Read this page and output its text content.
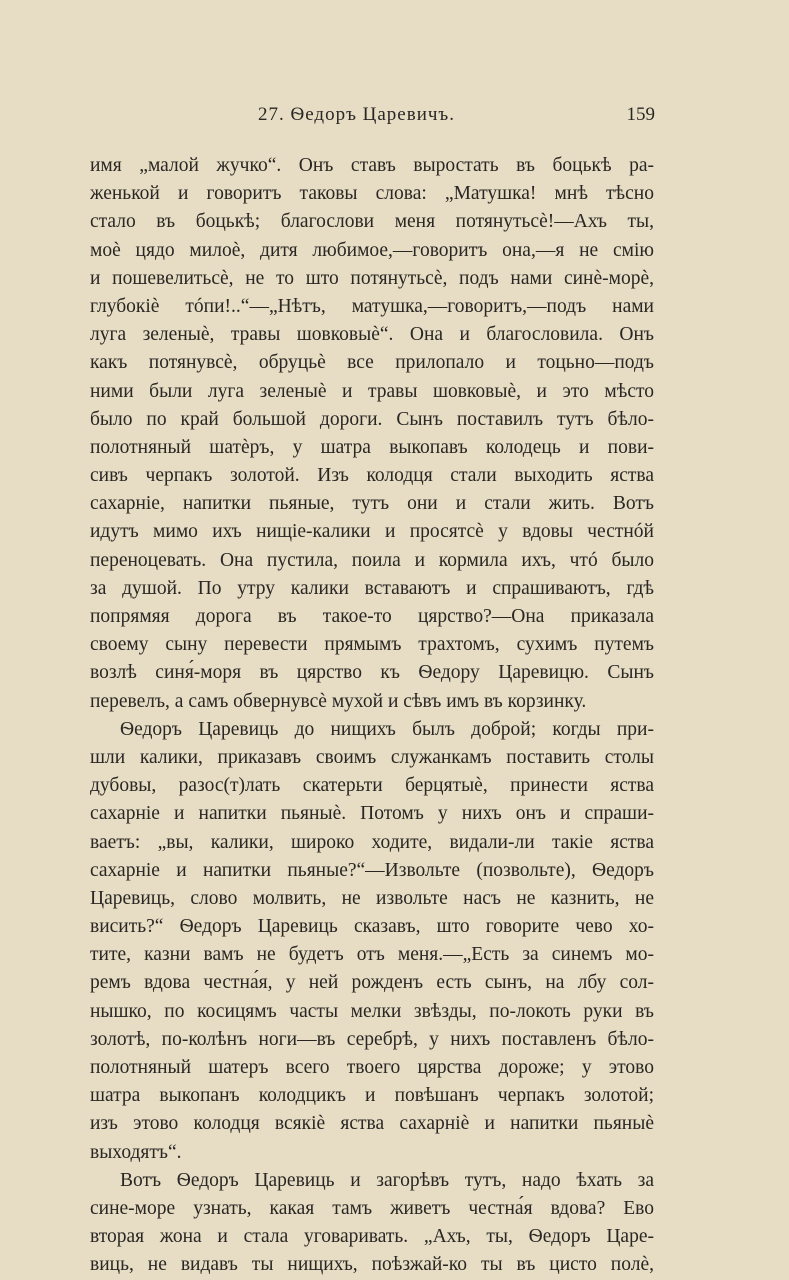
27. Ѳедоръ Царевичъ.	159
имя „малой жучко“. Онъ ставъ выростать въ боцькѣ ра-
женькой и говоритъ таковы слова: „Матушка! мнѣ тѣсно
стало въ боцькѣ; благослови меня потянутьсѐ!—Ахъ ты,
моѐ цядо милоѐ, дитя любимое,—говоритъ она,—я не смію
и пошевелитьсѐ, не то што потянутьсѐ, подъ нами синѐ-морѐ,
глубокіѐ тóпи!..“—„Нѣтъ, матушка,—говоритъ,—подъ нами
луга зеленыѐ, травы шовковыѐ“. Она и благословила. Онъ
какъ потянувсѐ, обруцьѐ все прилопало и тоцьно—подъ
ними были луга зеленыѐ и травы шовковыѐ, и это мѣсто
было по край большой дороги. Сынъ поставилъ тутъ бѣло-
полотняный шатѐръ, у шатра выкопавъ колодець и пови-
сивъ черпакъ золотой. Изъ колодця стали выходить яства
сахарніе, напитки пьяные, тутъ они и стали жить. Вотъ
идутъ мимо ихъ нищіе-калики и просятсѐ у вдовы честнóй
переноцевать. Она пустила, поила и кормила ихъ, чтó было
за душой. По утру калики вставаютъ и спрашиваютъ, гдѣ
попрямяя дорога въ такое-то цярство?—Она приказала
своему сыну перевести прямымъ трахтомъ, сухимъ путемъ
возлѣ синя́-моря въ цярство къ Ѳедору Царевицю. Сынъ
перевелъ, а самъ обвернувсѐ мухой и сѣвъ имъ въ корзинку.
Ѳедоръ Царевиць до нищихъ былъ доброй; когды при-
шли калики, приказавъ своимъ служанкамъ поставить столы
дубовы, разос(т)лать скатерьти берцятыѐ, принести яства
сахарніе и напитки пьяныѐ. Потомъ у нихъ онъ и спраши-
ваетъ: „вы, калики, широко ходите, видали-ли такіе яства
сахарніе и напитки пьяные?“—Извольте (позвольте), Ѳедоръ
Царевиць, слово молвить, не извольте насъ не казнить, не
висить?“ Ѳедоръ Царевиць сказавъ, што говорите чево хо-
тите, казни вамъ не будетъ отъ меня.—„Есть за синемъ мо-
ремъ вдова честна́я, у ней рожденъ есть сынъ, на лбу сол-
нышко, по косицямъ часты мелки звѣзды, по-локоть руки въ
золотѣ, по-колѣнъ ноги—въ серебрѣ, у нихъ поставленъ бѣло-
полотняный шатеръ всего твоего цярства дороже; у этово
шатра выкопанъ колодцикъ и повѣшанъ черпакъ золотой;
изъ этово колодця всякіѐ яства сахарніѐ и напитки пьяныѐ
выходятъ“.
Вотъ Ѳедоръ Царевиць и загорѣвъ тутъ, надо ѣхать за
сине-море узнать, какая тамъ живетъ честна́я вдова? Ево
вторая жона и стала уговаривать. „Ахъ, ты, Ѳедоръ Царе-
виць, не видавъ ты нищихъ, поѣзжай-ко ты въ цисто полѐ,
